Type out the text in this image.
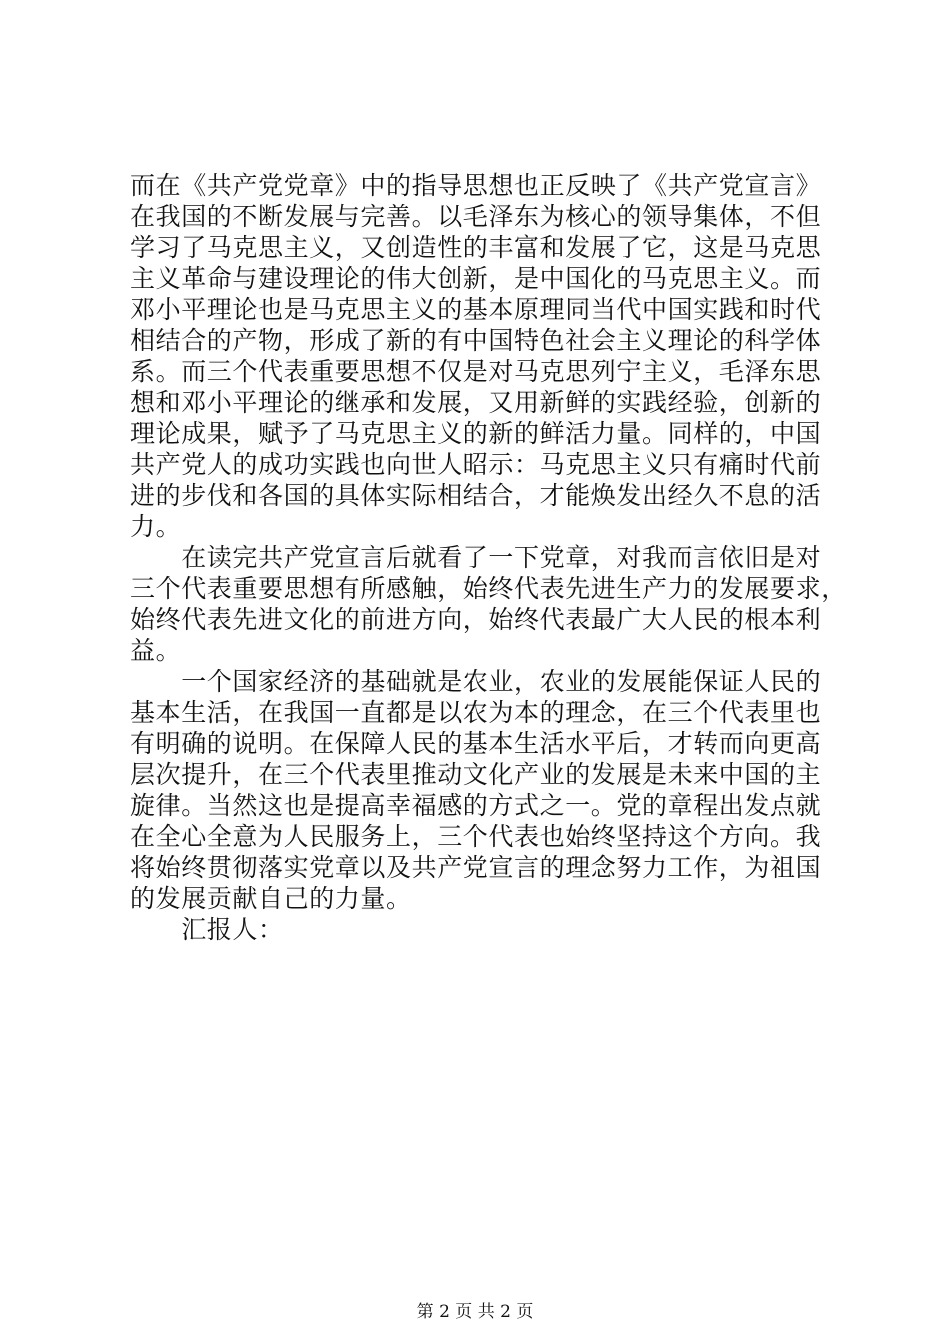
而在《共产党党章》中的指导思想也正反映了《共产党宣言》
在我国的不断发展与完善。以毛泽东为核心的领导集体，不但
学习了马克思主义，又创造性的丰富和发展了它，这是马克思
主义革命与建设理论的伟大创新，是中国化的马克思主义。而
邓小平理论也是马克思主义的基本原理同当代中国实践和时代
相结合的产物，形成了新的有中国特色社会主义理论的科学体
系。而三个代表重要思想不仅是对马克思列宁主义，毛泽东思
想和邓小平理论的继承和发展，又用新鲜的实践经验，创新的
理论成果，赋予了马克思主义的新的鲜活力量。同样的，中国
共产党人的成功实践也向世人昭示：马克思主义只有痛时代前
进的步伐和各国的具体实际相结合，才能焕发出经久不息的活
力。
　　在读完共产党宣言后就看了一下党章，对我而言依旧是对
三个代表重要思想有所感触，始终代表先进生产力的发展要求，
始终代表先进文化的前进方向，始终代表最广大人民的根本利
益。
　　一个国家经济的基础就是农业，农业的发展能保证人民的
基本生活，在我国一直都是以农为本的理念，在三个代表里也
有明确的说明。在保障人民的基本生活水平后，才转而向更高
层次提升，在三个代表里推动文化产业的发展是未来中国的主
旋律。当然这也是提高幸福感的方式之一。党的章程出发点就
在全心全意为人民服务上，三个代表也始终坚持这个方向。我
将始终贯彻落实党章以及共产党宣言的理念努力工作，为祖国
的发展贡献自己的力量。
　　汇报人：
第 2 页 共 2 页
